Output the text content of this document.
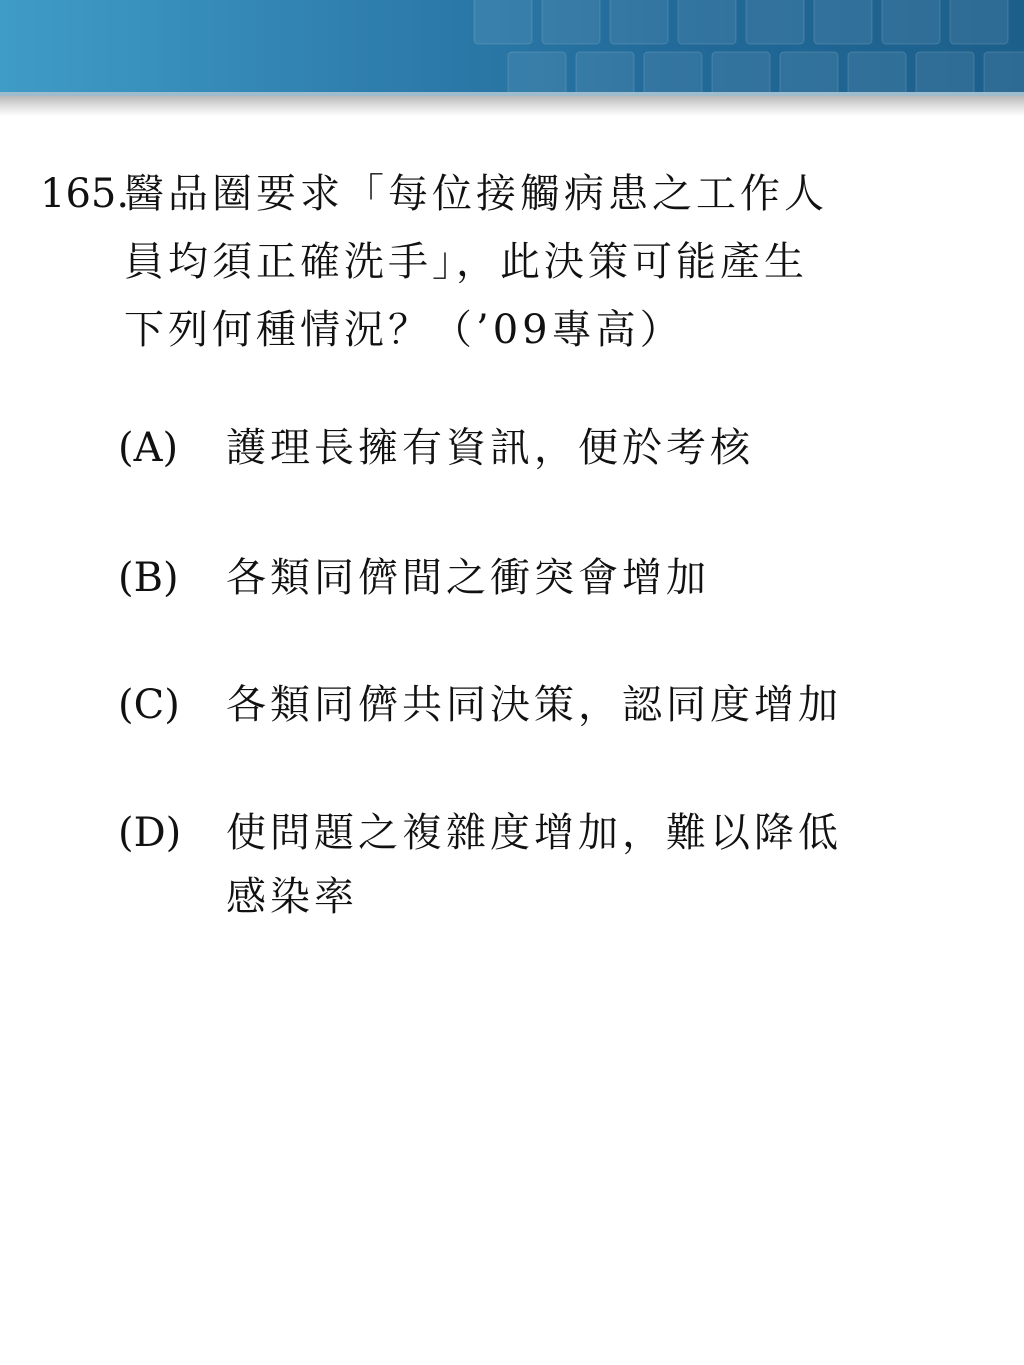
165.
醫品圈要求「每位接觸病患之工作人
員均須正確洗手」，此決策可能產生
下列何種情況？（’09專高）
(A)	護理長擁有資訊，便於考核
(B)	各類同儕間之衝突會增加
(C)	各類同儕共同決策，認同度增加
(D)	使問題之複雜度增加，難以降低
感染率
